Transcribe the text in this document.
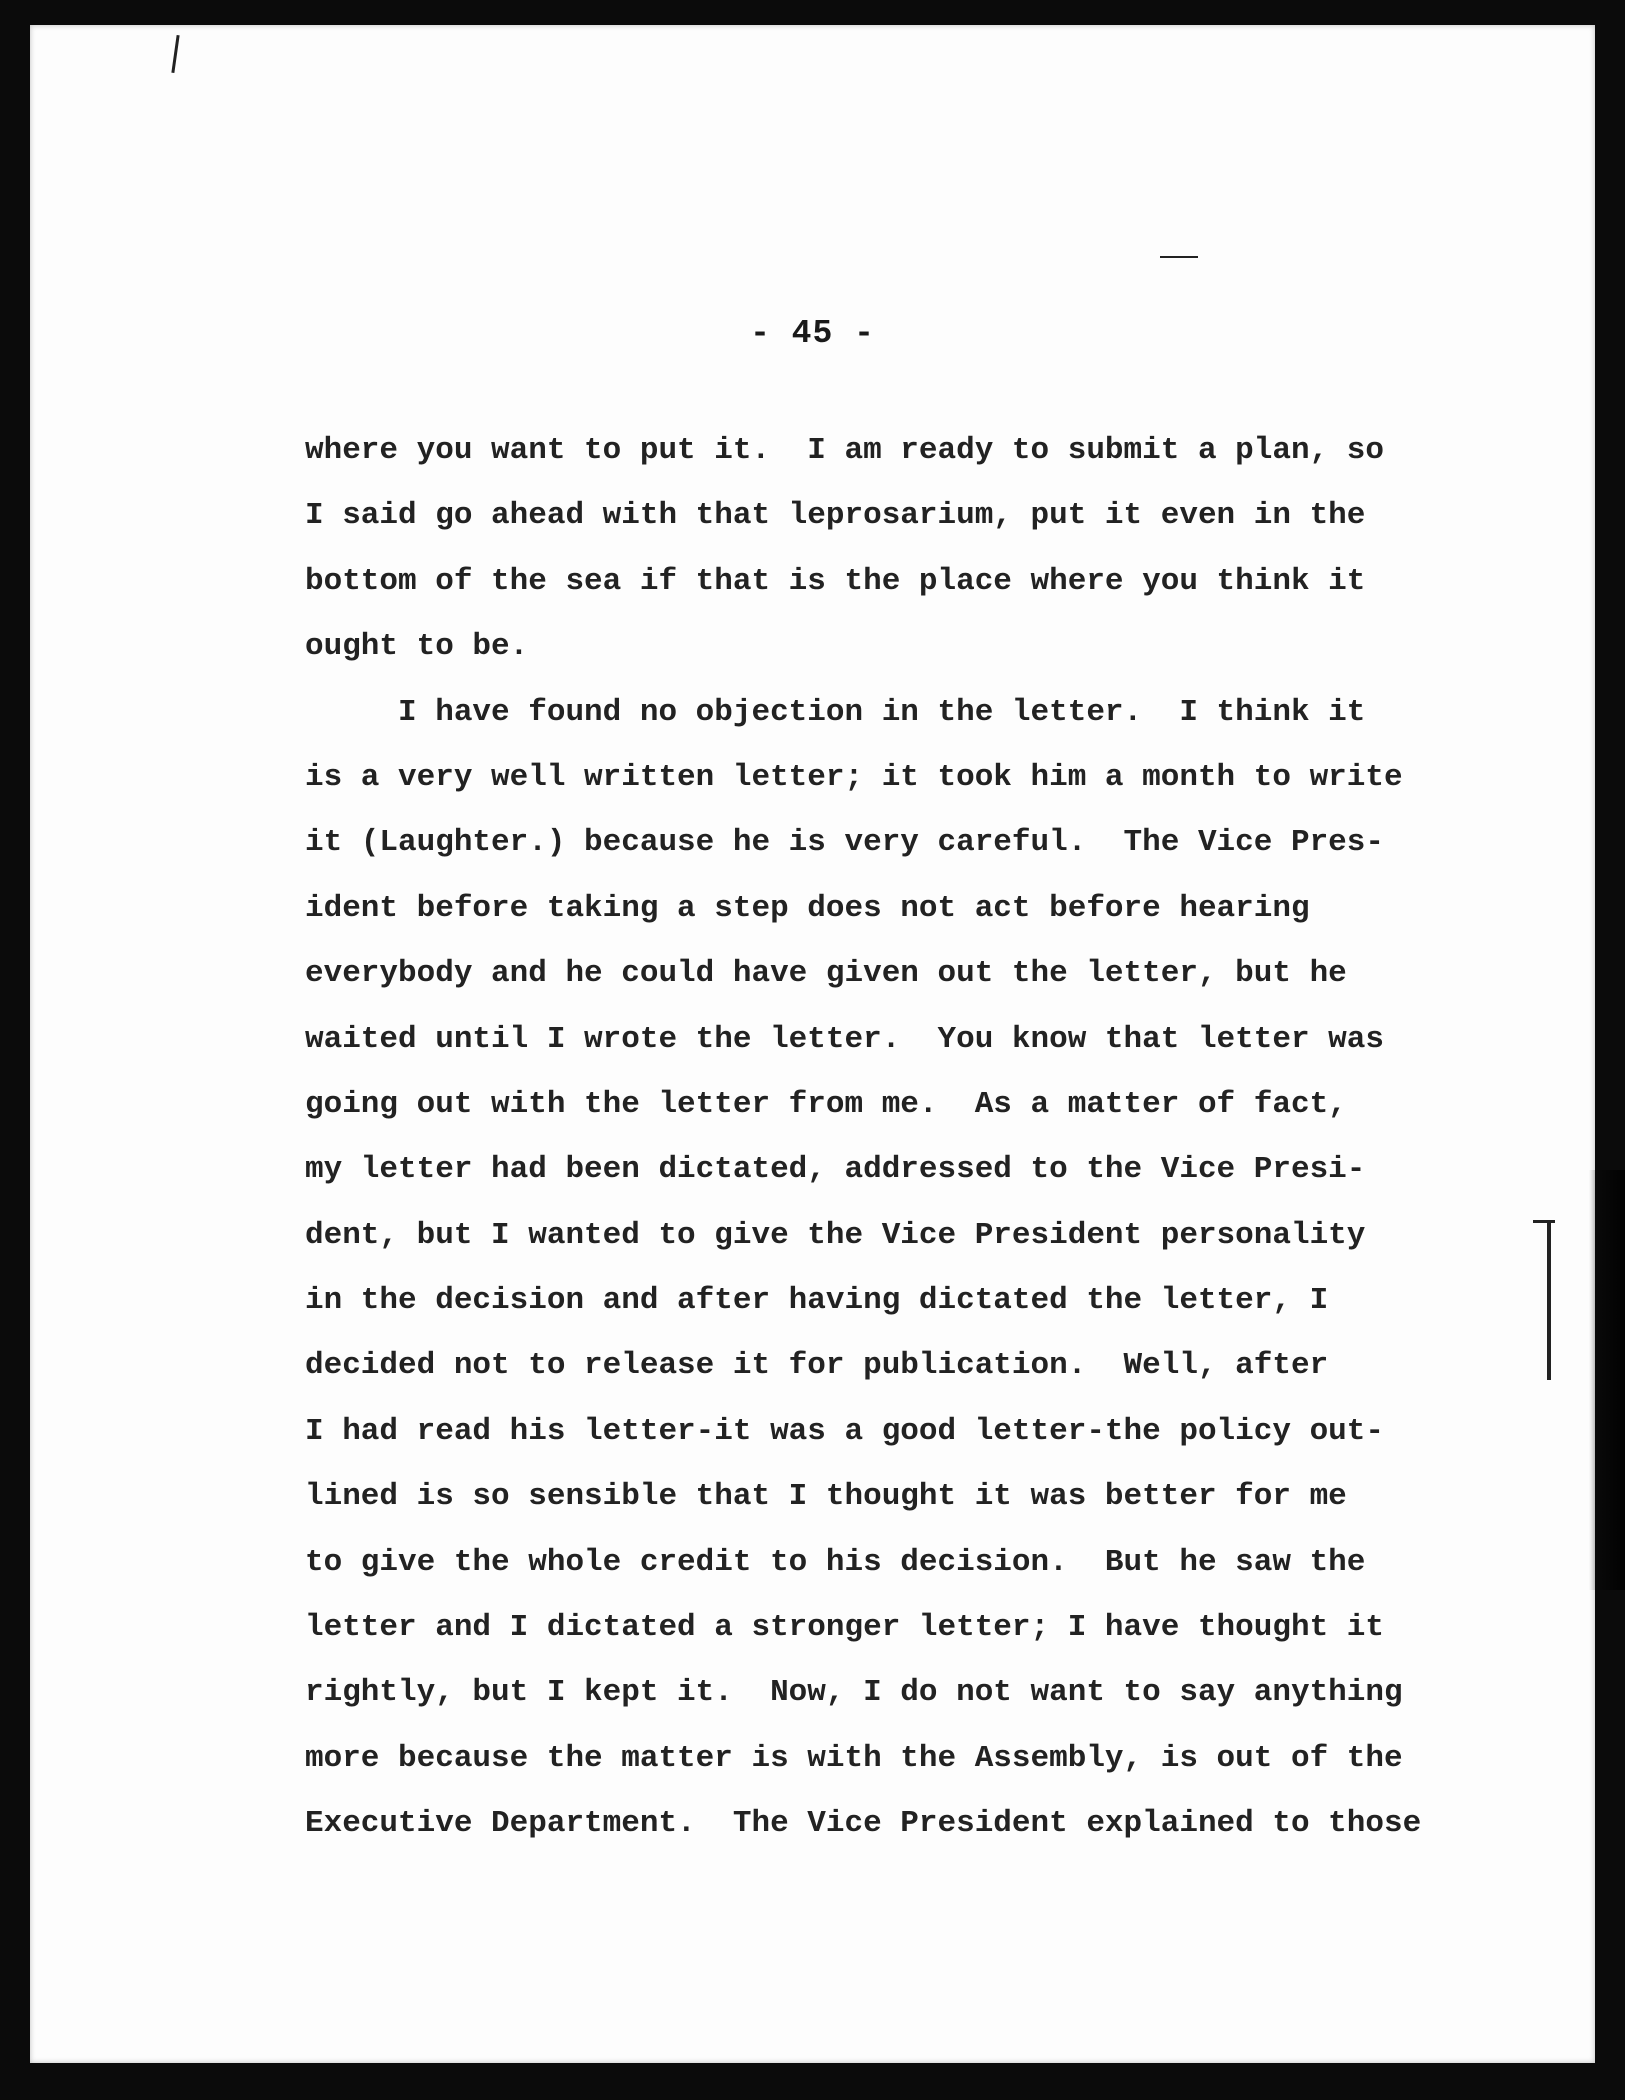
- 45 -
where you want to put it.  I am ready to submit a plan, so
I said go ahead with that leprosarium, put it even in the
bottom of the sea if that is the place where you think it
ought to be.
I have found no objection in the letter.  I think it
is a very well written letter; it took him a month to write
it (Laughter.) because he is very careful.  The Vice Pres-
ident before taking a step does not act before hearing
everybody and he could have given out the letter, but he
waited until I wrote the letter.  You know that letter was
going out with the letter from me.  As a matter of fact,
my letter had been dictated, addressed to the Vice Presi-
dent, but I wanted to give the Vice President personality
in the decision and after having dictated the letter, I
decided not to release it for publication.  Well, after
I had read his letter-it was a good letter-the policy out-
lined is so sensible that I thought it was better for me
to give the whole credit to his decision.  But he saw the
letter and I dictated a stronger letter; I have thought it
rightly, but I kept it.  Now, I do not want to say anything
more because the matter is with the Assembly, is out of the
Executive Department.  The Vice President explained to those
